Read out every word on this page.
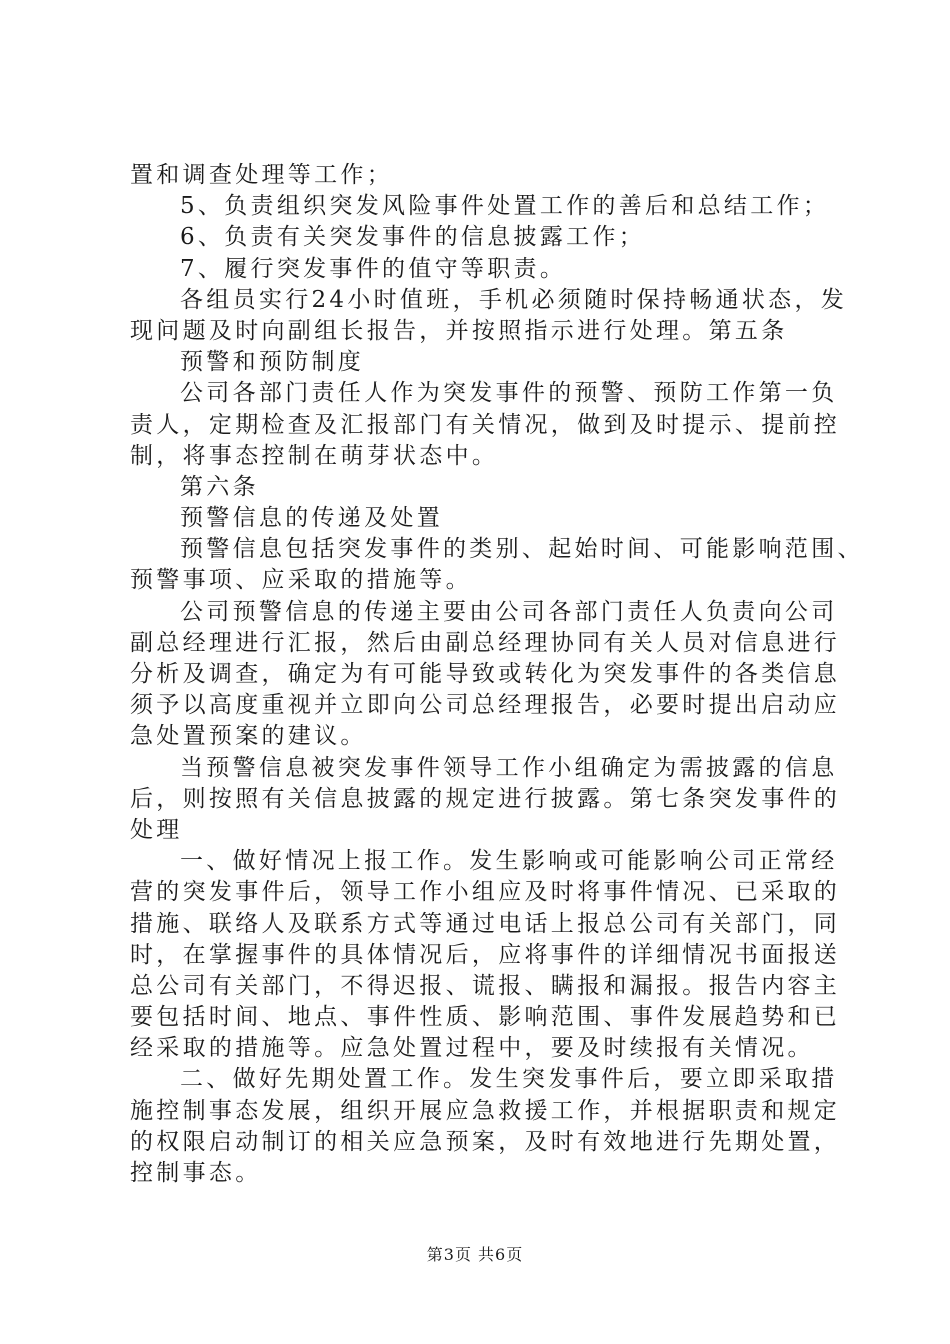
置和调查处理等工作；
5、负责组织突发风险事件处置工作的善后和总结工作；
6、负责有关突发事件的信息披露工作；
7、履行突发事件的值守等职责。
各组员实行24小时值班，手机必须随时保持畅通状态，发
现问题及时向副组长报告，并按照指示进行处理。第五条
预警和预防制度
公司各部门责任人作为突发事件的预警、预防工作第一负
责人，定期检查及汇报部门有关情况，做到及时提示、提前控
制，将事态控制在萌芽状态中。
第六条
预警信息的传递及处置
预警信息包括突发事件的类别、起始时间、可能影响范围、
预警事项、应采取的措施等。
公司预警信息的传递主要由公司各部门责任人负责向公司
副总经理进行汇报，然后由副总经理协同有关人员对信息进行
分析及调查，确定为有可能导致或转化为突发事件的各类信息
须予以高度重视并立即向公司总经理报告，必要时提出启动应
急处置预案的建议。
当预警信息被突发事件领导工作小组确定为需披露的信息
后，则按照有关信息披露的规定进行披露。第七条突发事件的
处理
一、做好情况上报工作。发生影响或可能影响公司正常经
营的突发事件后，领导工作小组应及时将事件情况、已采取的
措施、联络人及联系方式等通过电话上报总公司有关部门，同
时，在掌握事件的具体情况后，应将事件的详细情况书面报送
总公司有关部门，不得迟报、谎报、瞒报和漏报。报告内容主
要包括时间、地点、事件性质、影响范围、事件发展趋势和已
经采取的措施等。应急处置过程中，要及时续报有关情况。
二、做好先期处置工作。发生突发事件后，要立即采取措
施控制事态发展，组织开展应急救援工作，并根据职责和规定
的权限启动制订的相关应急预案，及时有效地进行先期处置，
控制事态。
第3页 共6页
